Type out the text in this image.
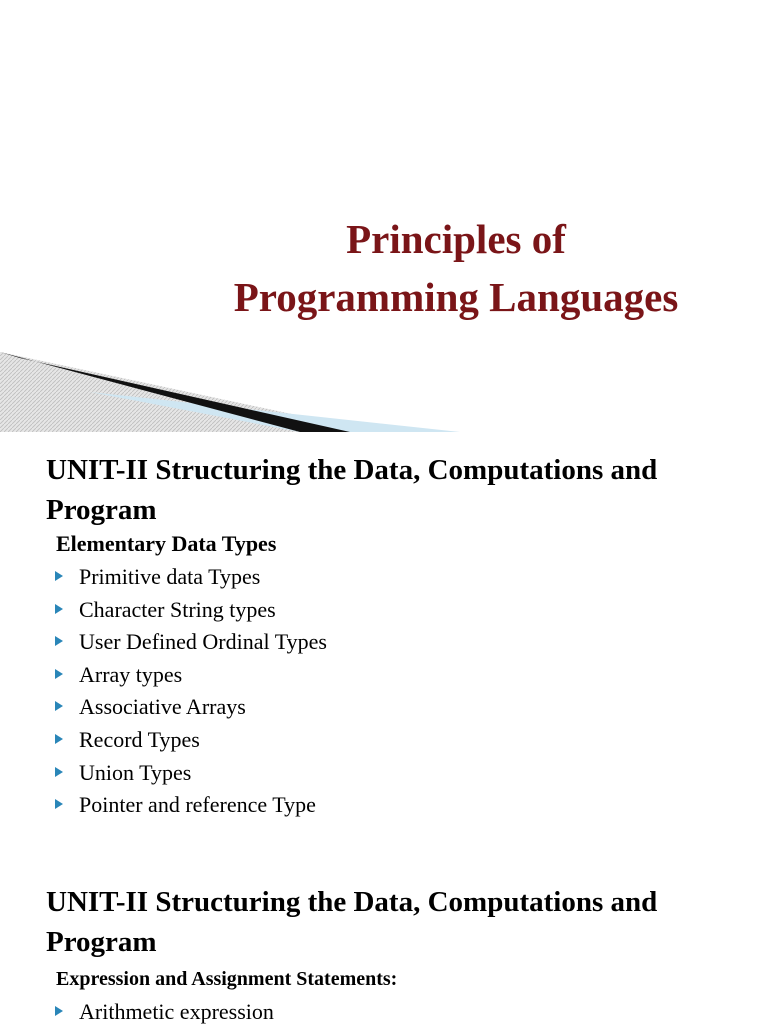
Principles of
Programming Languages
UNIT-II Structuring the Data, Computations and Program
Elementary Data Types
Primitive data Types
Character String types
User Defined Ordinal Types
Array types
Associative Arrays
Record Types
Union Types
Pointer and reference Type
UNIT-II Structuring the Data, Computations and Program
Expression and Assignment Statements:
Arithmetic expression
